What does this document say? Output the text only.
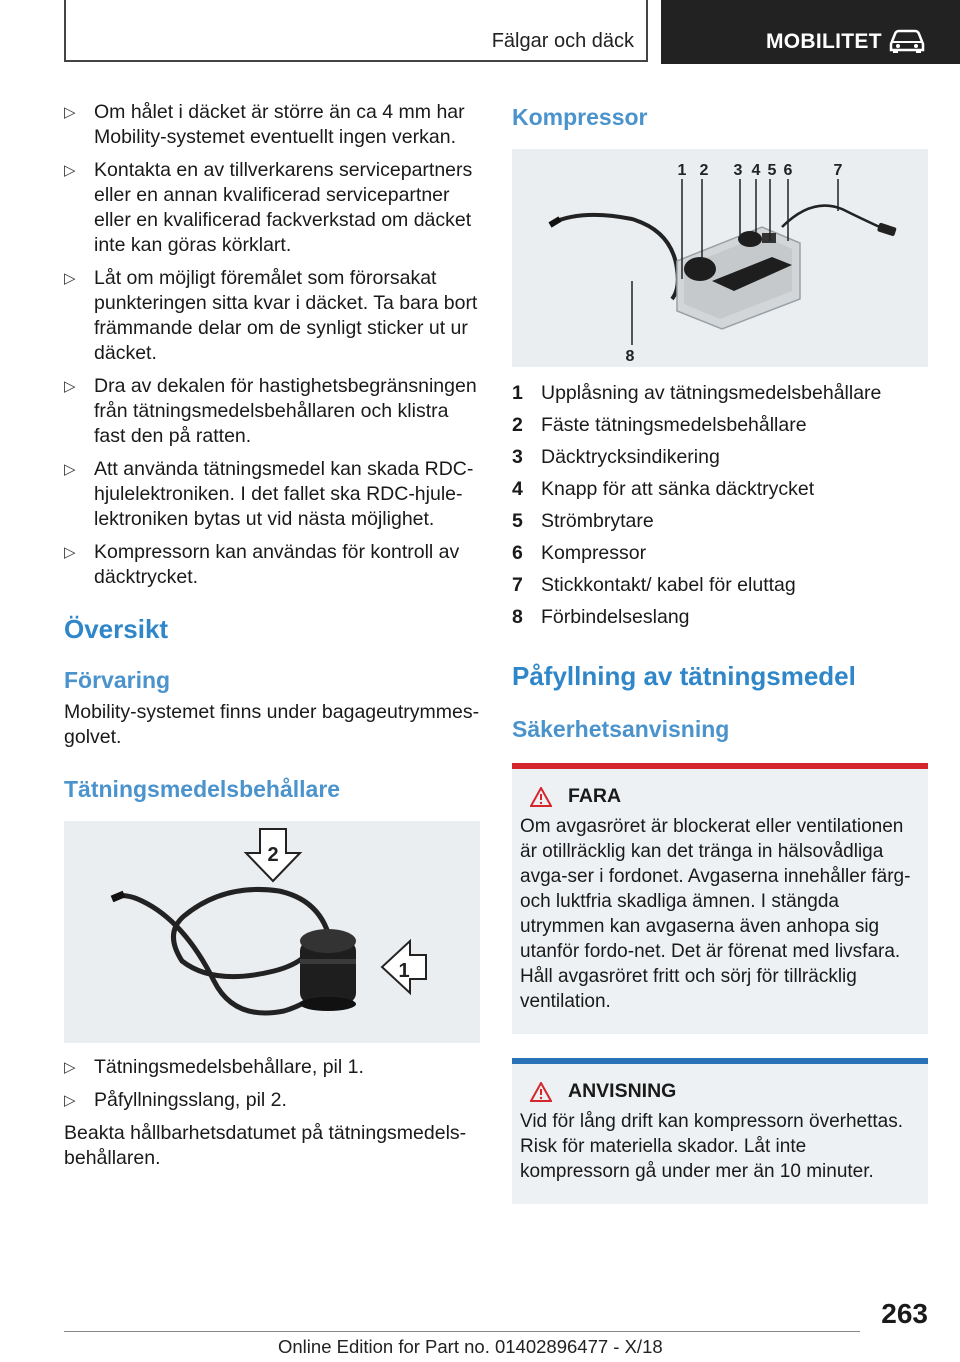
Fälgar och däck	MOBILITET
▷ Om hålet i däcket är större än ca 4 mm har Mobility-systemet eventuellt ingen verkan.
▷ Kontakta en av tillverkarens servicepartners eller en annan kvalificerad servicepartner eller en kvalificerad fackverkstad om däcket inte kan göras körklart.
▷ Låt om möjligt föremålet som förorsakat punkteringen sitta kvar i däcket. Ta bara bort främmande delar om de synligt sticker ut ur däcket.
▷ Dra av dekalen för hastighetsbegränsningen från tätningsmedelsbehållaren och klistra fast den på ratten.
▷ Att använda tätningsmedel kan skada RDC-hjulelektroniken. I det fallet ska RDC-hjule-lektroniken bytas ut vid nästa möjlighet.
▷ Kompressorn kan användas för kontroll av däcktrycket.
Översikt
Förvaring

Mobility-systemet finns under bagageutrymmes-golvet.

Tätningsmedelsbehållare
2
1
▷ Tätningsmedelsbehållare, pil 1.
▷ Påfyllningsslang, pil 2.

Beakta hållbarhetsdatumet på tätningsmedels-behållaren.

Kompressor
1 2 3 4 5 6	7
8
1 Upplåsning av tätningsmedelsbehållare
2 Fäste tätningsmedelsbehållare
3 Däcktrycksindikering
4 Knapp för att sänka däcktrycket
5 Strömbrytare
6 Kompressor
7 Stickkontakt/ kabel för eluttag
8 Förbindelseslang
Påfyllning av tätningsmedel
Säkerhetsanvisning
FARA

Om avgasröret är blockerat eller ventilationen är otillräcklig kan det tränga in hälsovådliga avga-ser i fordonet. Avgaserna innehåller färg- och luktfria skadliga ämnen. I stängda utrymmen kan avgaserna även anhopa sig utanför fordo-net. Det är förenat med livsfara. Håll avgasröret fritt och sörj för tillräcklig ventilation.

ANVISNING

Vid för lång drift kan kompressorn överhettas. Risk för materiella skador. Låt inte kompressorn gå under mer än 10 minuter.

263
Online Edition for Part no. 01402896477 - X/18
